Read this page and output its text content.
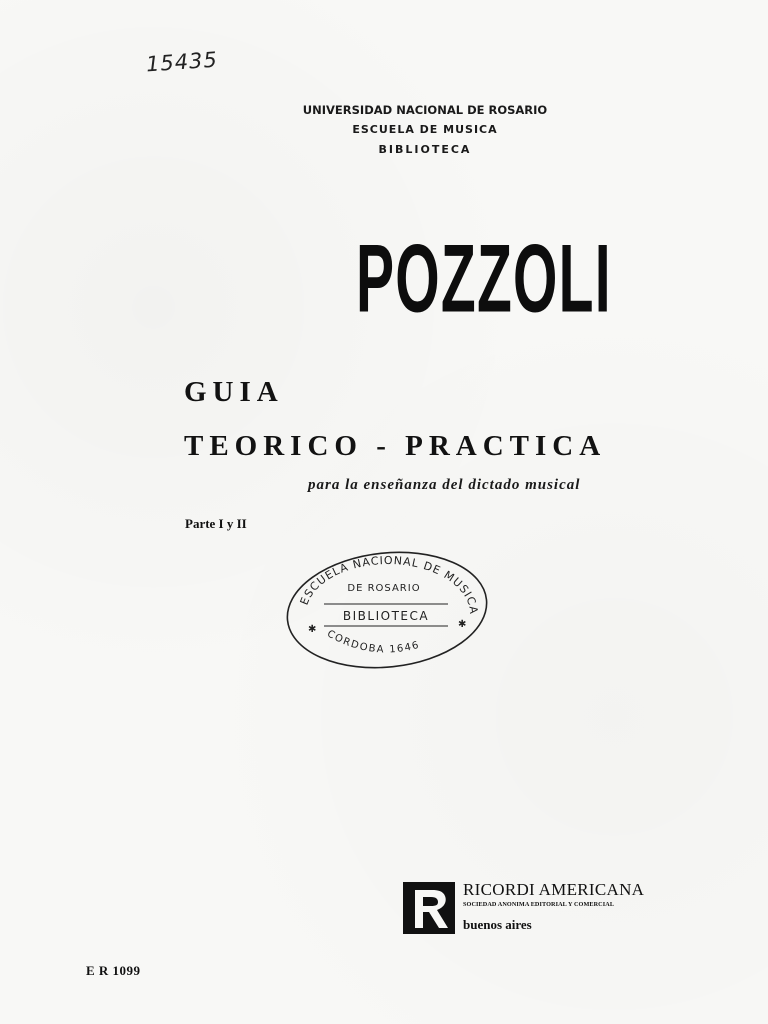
15435
UNIVERSIDAD NACIONAL DE ROSARIO
ESCUELA DE MUSICA
BIBLIOTECA
POZZOLI
GUIA
TEORICO - PRACTICA
para la enseñanza del dictado musical
Parte I y II
ESCUELA NACIONAL DE MUSICA
DE ROSARIO
BIBLIOTECA
✱	✱
CORDOBA 1646
RICORDI AMERICANA
SOCIEDAD ANONIMA EDITORIAL Y COMERCIAL
buenos aires
E R 1099
